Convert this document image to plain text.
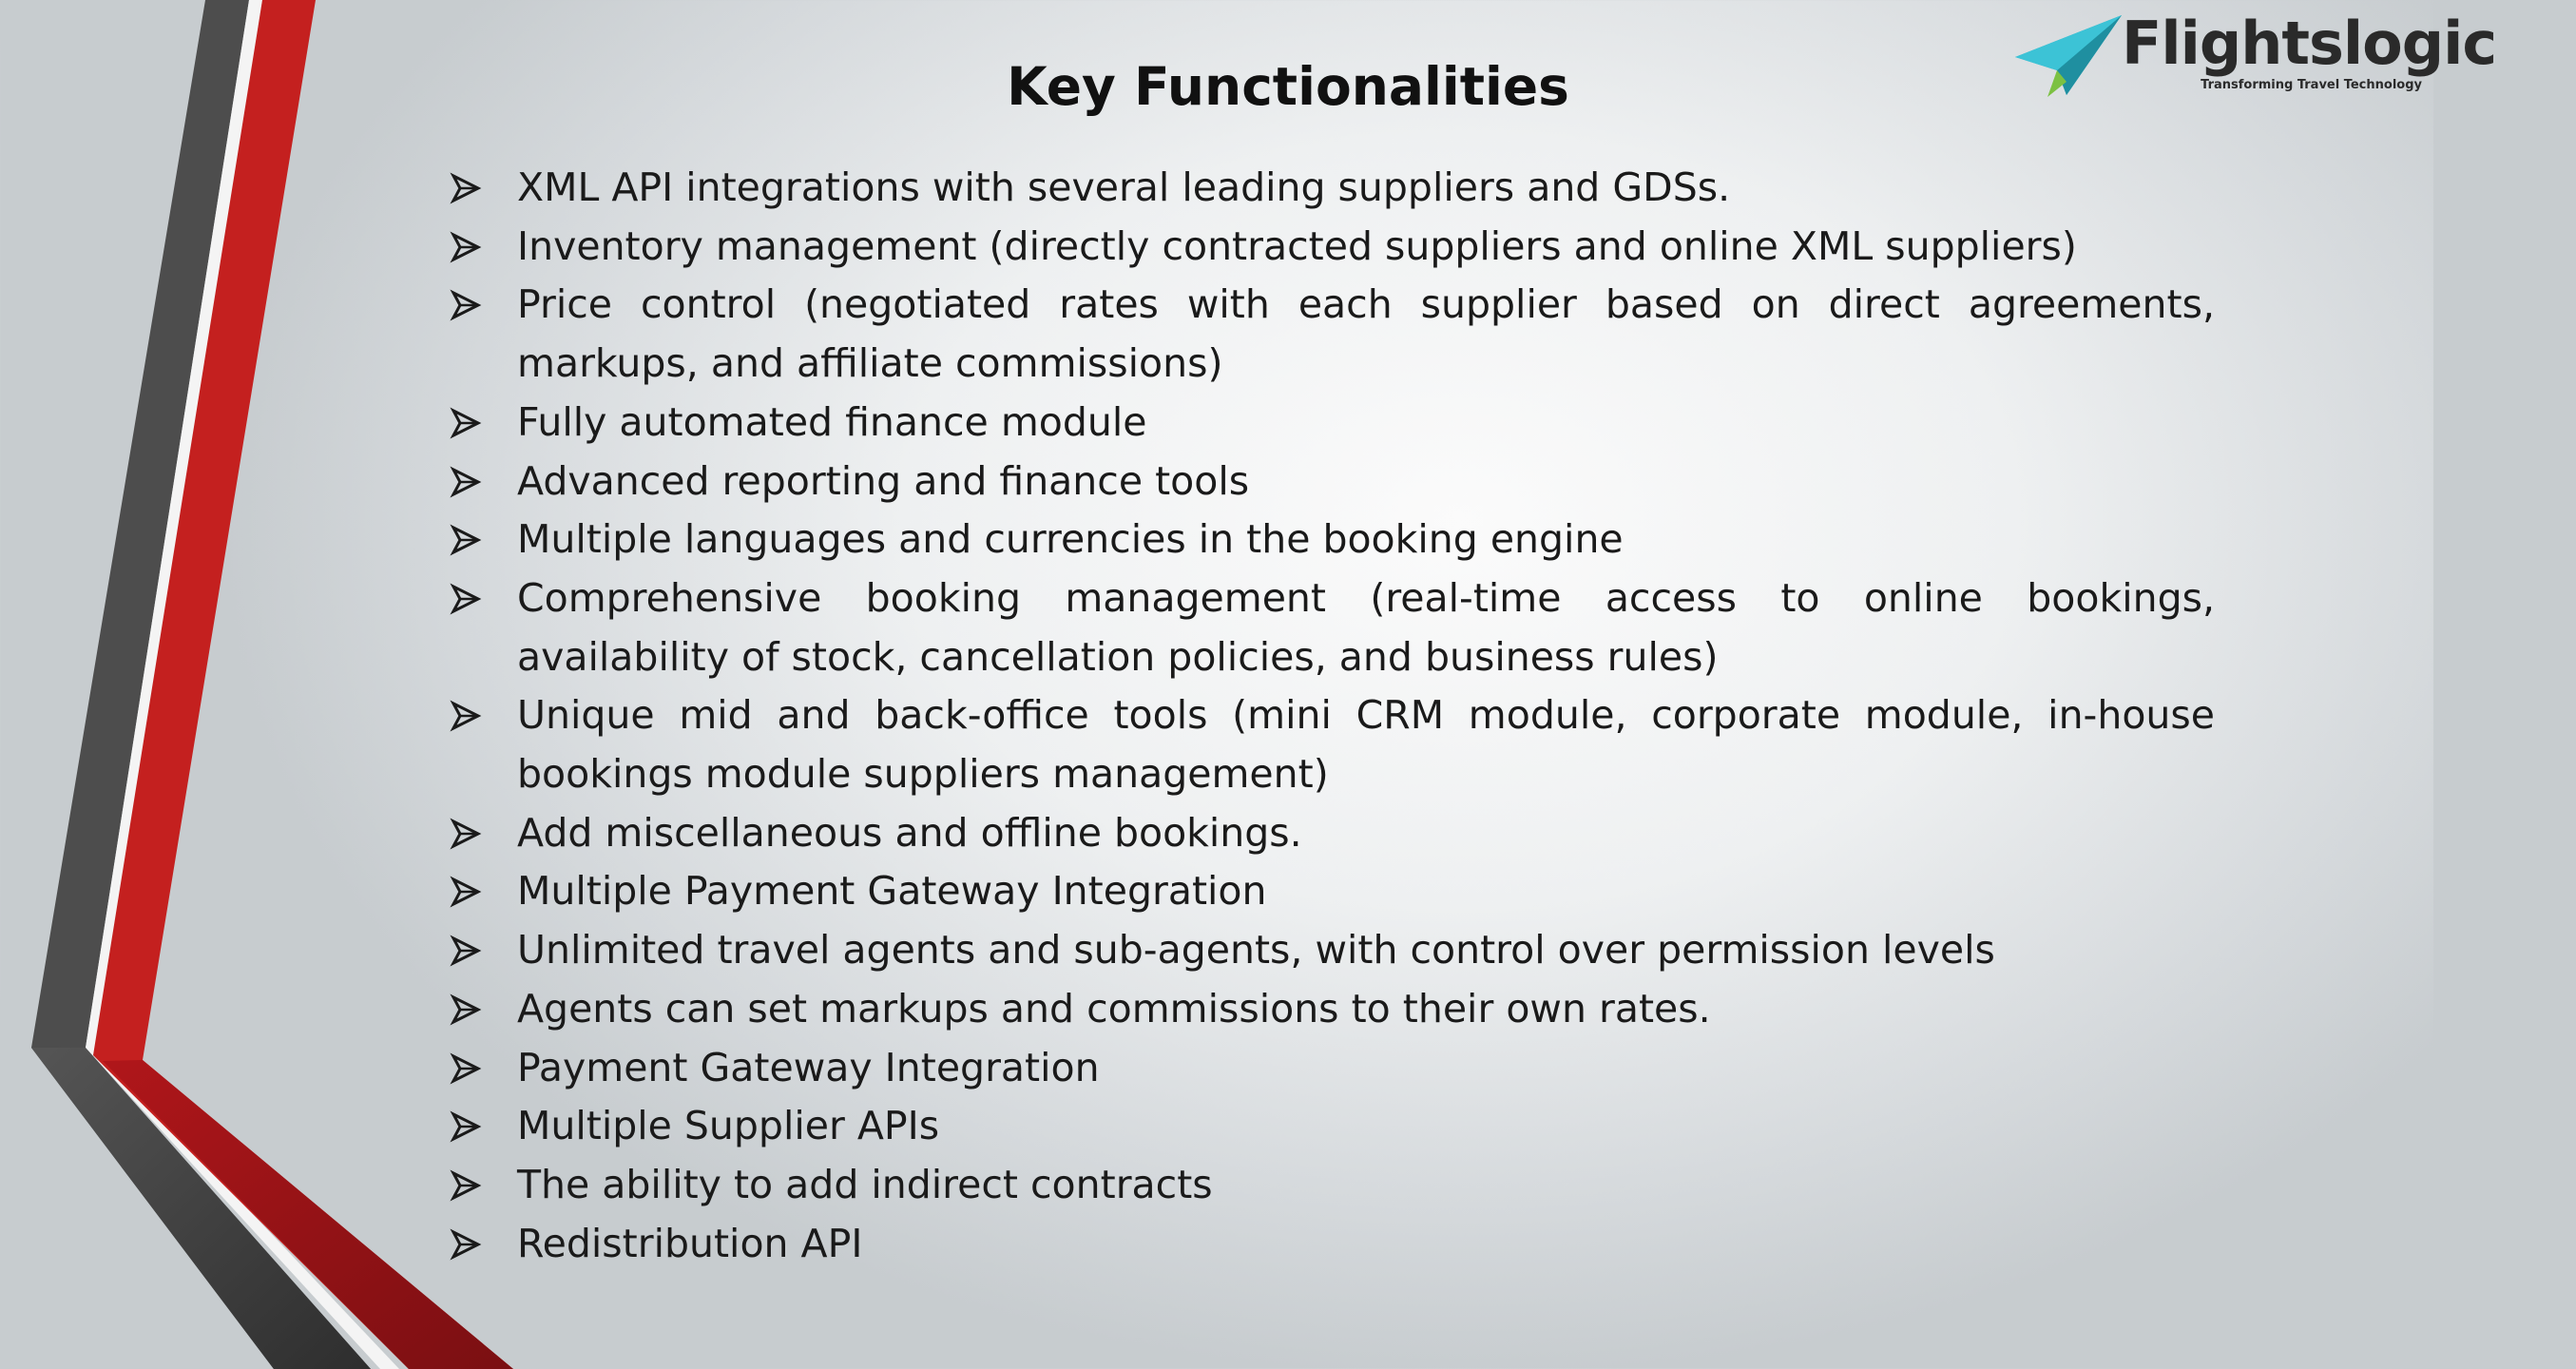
Flightslogic
Transforming Travel Technology
Key Functionalities
XML API integrations with several leading suppliers and GDSs.
Inventory management (directly contracted suppliers and online XML suppliers)
Price control (negotiated rates with each supplier based on direct agreements, markups, and affiliate commissions)
Fully automated finance module
Advanced reporting and finance tools
Multiple languages and currencies in the booking engine
Comprehensive booking management (real-time access to online bookings, availability of stock, cancellation policies, and business rules)
Unique mid and back-office tools (mini CRM module, corporate module, in-house bookings module suppliers management)
Add miscellaneous and offline bookings.
Multiple Payment Gateway Integration
Unlimited travel agents and sub-agents, with control over permission levels
Agents can set markups and commissions to their own rates.
Payment Gateway Integration
Multiple Supplier APIs
The ability to add indirect contracts
Redistribution API
